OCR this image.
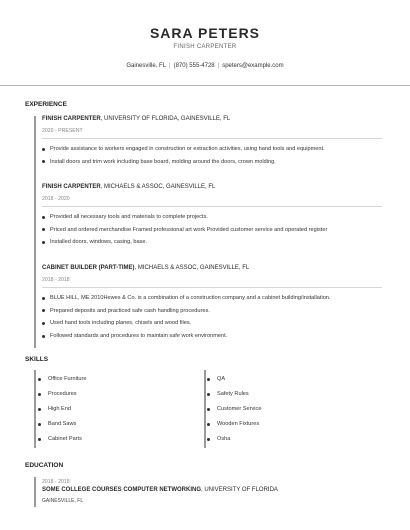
SARA PETERS
FINISH CARPENTER
Gainesville, FL | (870) 555-4728 | speters@example.com
EXPERIENCE
FINISH CARPENTER, UNIVERSITY OF FLORIDA, GAINESVILLE, FL
2020 - PRESENT
Provide assistance to workers engaged in construction or extraction activities, using hand tools and equipment.
Install doors and trim work including base board, molding around the doors, crown molding.
FINISH CARPENTER, MICHAELS & ASSOC, GAINESVILLE, FL
2018 - 2020
Provided all necessary tools and materials to complete projects.
Priced and ordered merchandise Framed professional art work Provided customer service and operated register
Installed doors, windows, casing, base.
CABINET BUILDER (PART-TIME), MICHAELS & ASSOC, GAINESVILLE, FL
2018 - 2018
BLUE HILL, ME 2010Hewes & Co. is a combination of a construction company and a cabinet building/installation.
Prepared deposits and practiced safe cash handling procedures.
Used hand tools including planes, chisels and wood files.
Followed standards and procedures to maintain safe work environment.
SKILLS
Office Furniture
Procedures
High End
Band Saws
Cabinet Parts
QA
Safety Rules
Customer Service
Wooden Fixtures
Osha
EDUCATION
2018 - 2018
SOME COLLEGE COURSES COMPUTER NETWORKING, UNIVERSITY OF FLORIDA
GAINESVILLE, FL
